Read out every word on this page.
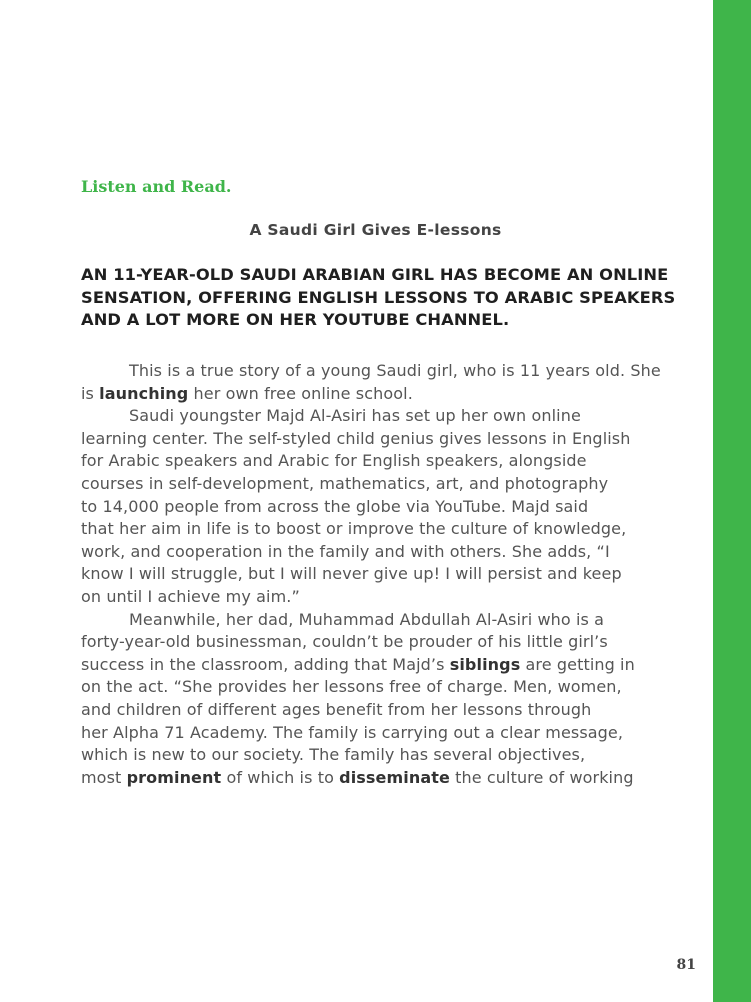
Listen and Read.

A Saudi Girl Gives E-lessons
AN 11-YEAR-OLD SAUDI ARABIAN GIRL HAS BECOME AN ONLINE
SENSATION, OFFERING ENGLISH LESSONS TO ARABIC SPEAKERS
AND A LOT MORE ON HER YOUTUBE CHANNEL.
This is a true story of a young Saudi girl, who is 11 years old. She
is launching her own free online school.
Saudi youngster Majd Al-Asiri has set up her own online
learning center. The self-styled child genius gives lessons in English
for Arabic speakers and Arabic for English speakers, alongside
courses in self-development, mathematics, art, and photography
to 14,000 people from across the globe via YouTube. Majd said
that her aim in life is to boost or improve the culture of knowledge,
work, and cooperation in the family and with others. She adds, “I
know I will struggle, but I will never give up! I will persist and keep
on until I achieve my aim.”
Meanwhile, her dad, Muhammad Abdullah Al-Asiri who is a
forty-year-old businessman, couldn’t be prouder of his little girl’s
success in the classroom, adding that Majd’s siblings are getting in
on the act. “She provides her lessons free of charge. Men, women,
and children of different ages benefit from her lessons through
her Alpha 71 Academy. The family is carrying out a clear message,
which is new to our society. The family has several objectives,
most prominent of which is to disseminate the culture of working

81
